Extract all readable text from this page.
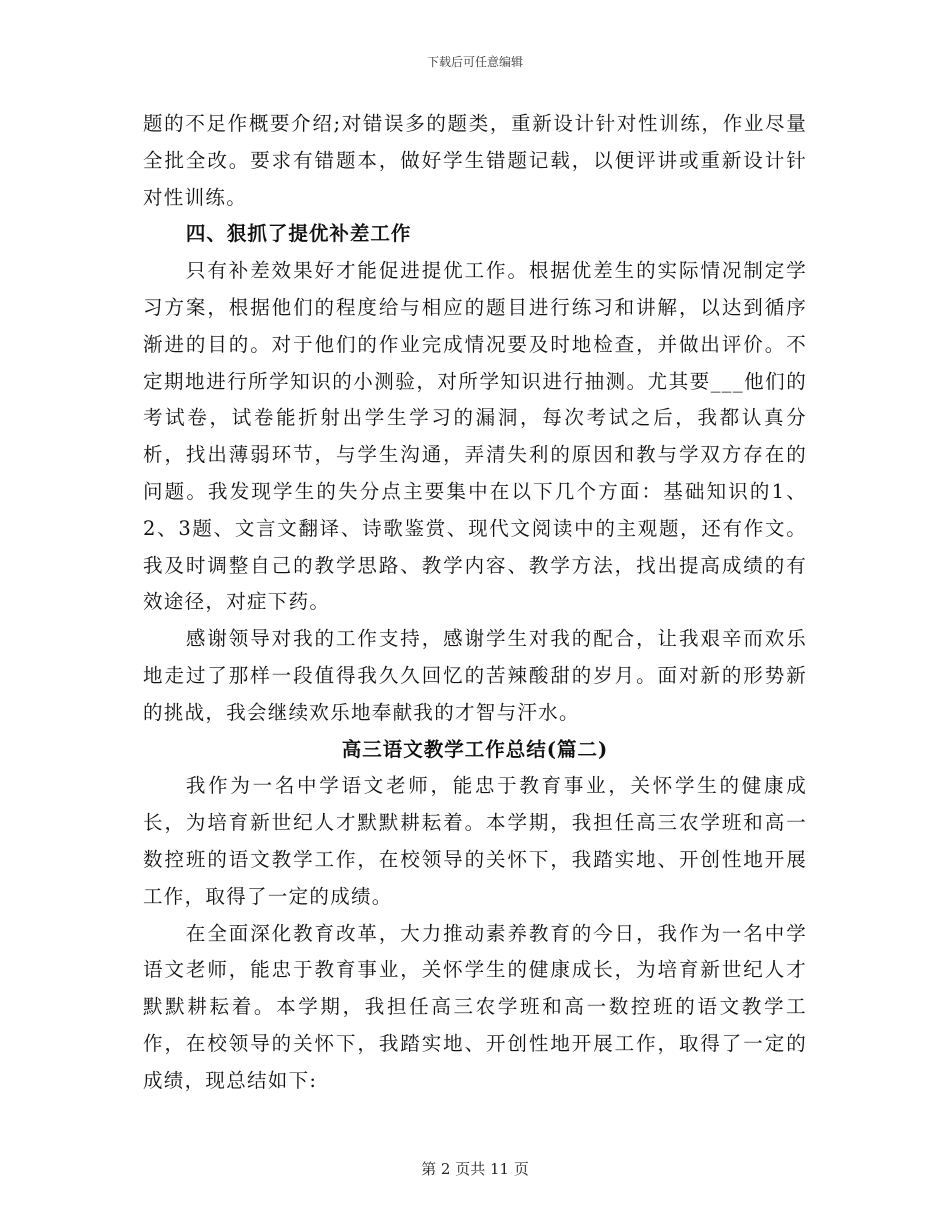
下载后可任意编辑

题的不足作概要介绍;对错误多的题类，重新设计针对性训练，作业尽量全批全改。要求有错题本，做好学生错题记载，以便评讲或重新设计针对性训练。

四、狠抓了提优补差工作

只有补差效果好才能促进提优工作。根据优差生的实际情况制定学习方案，根据他们的程度给与相应的题目进行练习和讲解，以达到循序渐进的目的。对于他们的作业完成情况要及时地检查，并做出评价。不定期地进行所学知识的小测验，对所学知识进行抽测。尤其要___他们的考试卷，试卷能折射出学生学习的漏洞，每次考试之后，我都认真分析，找出薄弱环节，与学生沟通，弄清失利的原因和教与学双方存在的问题。我发现学生的失分点主要集中在以下几个方面：基础知识的1、2、3题、文言文翻译、诗歌鉴赏、现代文阅读中的主观题，还有作文。我及时调整自己的教学思路、教学内容、教学方法，找出提高成绩的有效途径，对症下药。

感谢领导对我的工作支持，感谢学生对我的配合，让我艰辛而欢乐地走过了那样一段值得我久久回忆的苦辣酸甜的岁月。面对新的形势新的挑战，我会继续欢乐地奉献我的才智与汗水。

高三语文教学工作总结(篇二)

我作为一名中学语文老师，能忠于教育事业，关怀学生的健康成长，为培育新世纪人才默默耕耘着。本学期，我担任高三农学班和高一数控班的语文教学工作，在校领导的关怀下，我踏实地、开创性地开展工作，取得了一定的成绩。

在全面深化教育改革，大力推动素养教育的今日，我作为一名中学语文老师，能忠于教育事业，关怀学生的健康成长，为培育新世纪人才默默耕耘着。本学期，我担任高三农学班和高一数控班的语文教学工作，在校领导的关怀下，我踏实地、开创性地开展工作，取得了一定的成绩，现总结如下:

第 2 页共 11 页
